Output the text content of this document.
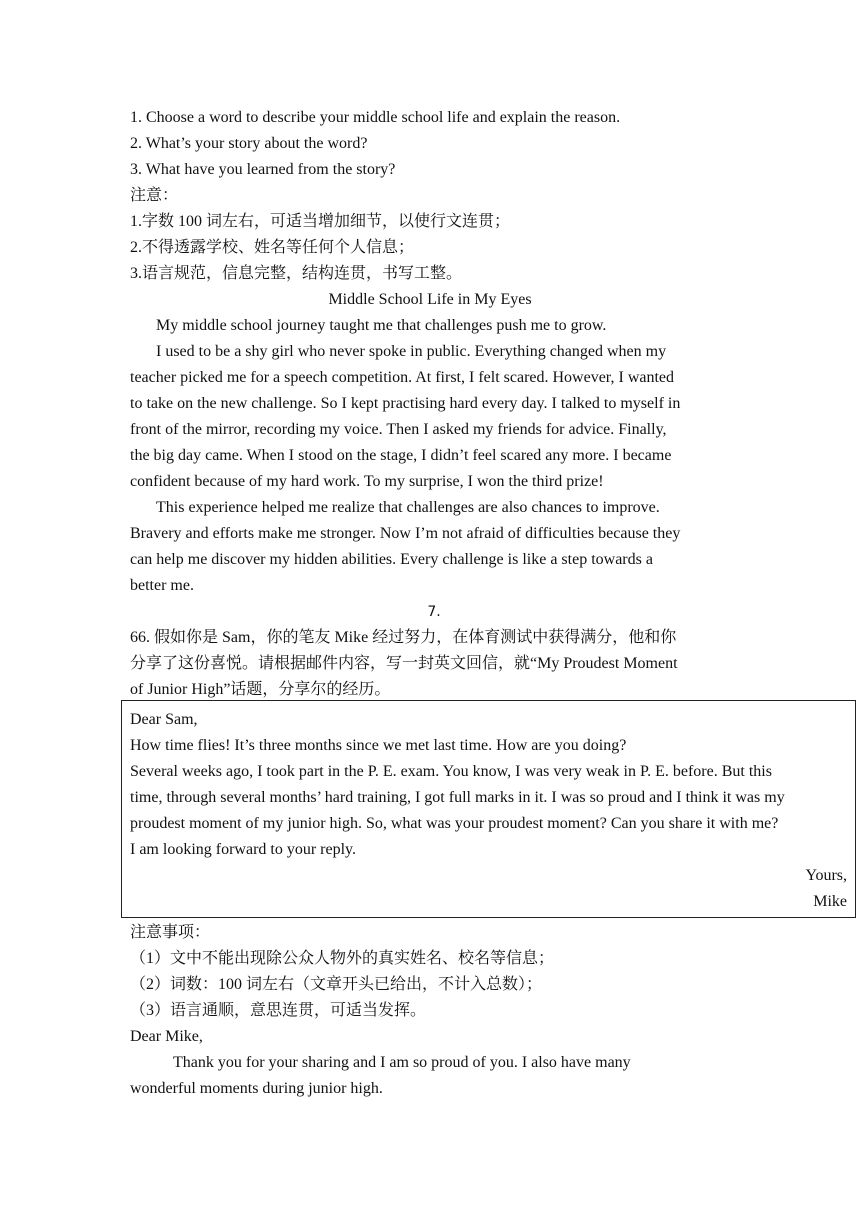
1. Choose a word to describe your middle school life and explain the reason.
2. What’s your story about the word?
3. What have you learned from the story?
注意：
1.字数 100 词左右，可适当增加细节，以使行文连贯；
2.不得透露学校、姓名等任何个人信息；
3.语言规范，信息完整，结构连贯，书写工整。
Middle School Life in My Eyes
My middle school journey taught me that challenges push me to grow.
I used to be a shy girl who never spoke in public. Everything changed when my
teacher picked me for a speech competition. At first, I felt scared. However, I wanted
to take on the new challenge. So I kept practising hard every day. I talked to myself in
front of the mirror, recording my voice. Then I asked my friends for advice. Finally,
the big day came. When I stood on the stage, I didn’t feel scared any more. I became
confident because of my hard work. To my surprise, I won the third prize!
This experience helped me realize that challenges are also chances to improve.
Bravery and efforts make me stronger. Now I’m not afraid of difficulties because they
can help me discover my hidden abilities. Every challenge is like a step towards a
better me.
7.
66. 假如你是 Sam，你的笔友 Mike 经过努力，在体育测试中获得满分，他和你
分享了这份喜悦。请根据邮件内容，写一封英文回信，就“My Proudest Moment
of Junior High”话题，分享尔的经历。
Dear Sam,
How time flies! It’s three months since we met last time. How are you doing?
Several weeks ago, I took part in the P. E. exam. You know, I was very weak in P. E. before. But this
time, through several months’ hard training, I got full marks in it. I was so proud and I think it was my
proudest moment of my junior high. So, what was your proudest moment? Can you share it with me?
I am looking forward to your reply.
Yours,
Mike
注意事项：
（1）文中不能出现除公众人物外的真实姓名、校名等信息；
（2）词数：100 词左右（文章开头已给出，不计入总数）；
（3）语言通顺，意思连贯，可适当发挥。
Dear Mike,
Thank you for your sharing and I am so proud of you. I also have many
wonderful moments during junior high.
